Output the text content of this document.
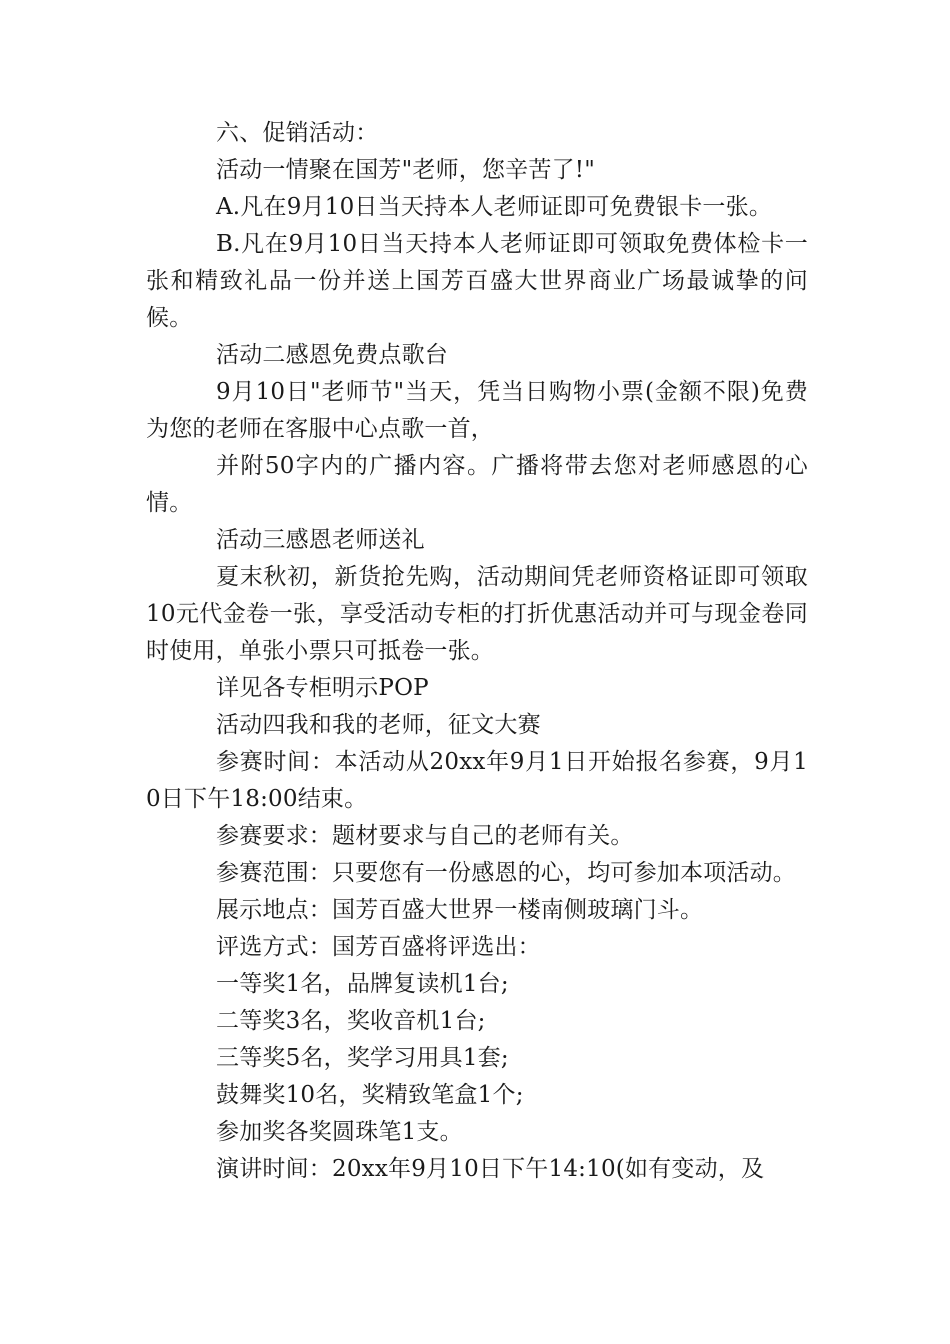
六、促销活动：

活动一情聚在国芳"老师，您辛苦了!"

A.凡在9月10日当天持本人老师证即可免费银卡一张。

B.凡在9月10日当天持本人老师证即可领取免费体检卡一张和精致礼品一份并送上国芳百盛大世界商业广场最诚挚的问候。

活动二感恩免费点歌台

9月10日"老师节"当天，凭当日购物小票(金额不限)免费为您的老师在客服中心点歌一首，

并附50字内的广播内容。广播将带去您对老师感恩的心情。

活动三感恩老师送礼

夏末秋初，新货抢先购，活动期间凭老师资格证即可领取10元代金卷一张，享受活动专柜的打折优惠活动并可与现金卷同时使用，单张小票只可抵卷一张。

详见各专柜明示POP

活动四我和我的老师，征文大赛

参赛时间：本活动从20xx年9月1日开始报名参赛，9月10日下午18:00结束。

参赛要求：题材要求与自己的老师有关。

参赛范围：只要您有一份感恩的心，均可参加本项活动。

展示地点：国芳百盛大世界一楼南侧玻璃门斗。

评选方式：国芳百盛将评选出：

一等奖1名，品牌复读机1台;

二等奖3名，奖收音机1台;

三等奖5名，奖学习用具1套;

鼓舞奖10名，奖精致笔盒1个;

参加奖各奖圆珠笔1支。

演讲时间：20xx年9月10日下午14:10(如有变动，及
